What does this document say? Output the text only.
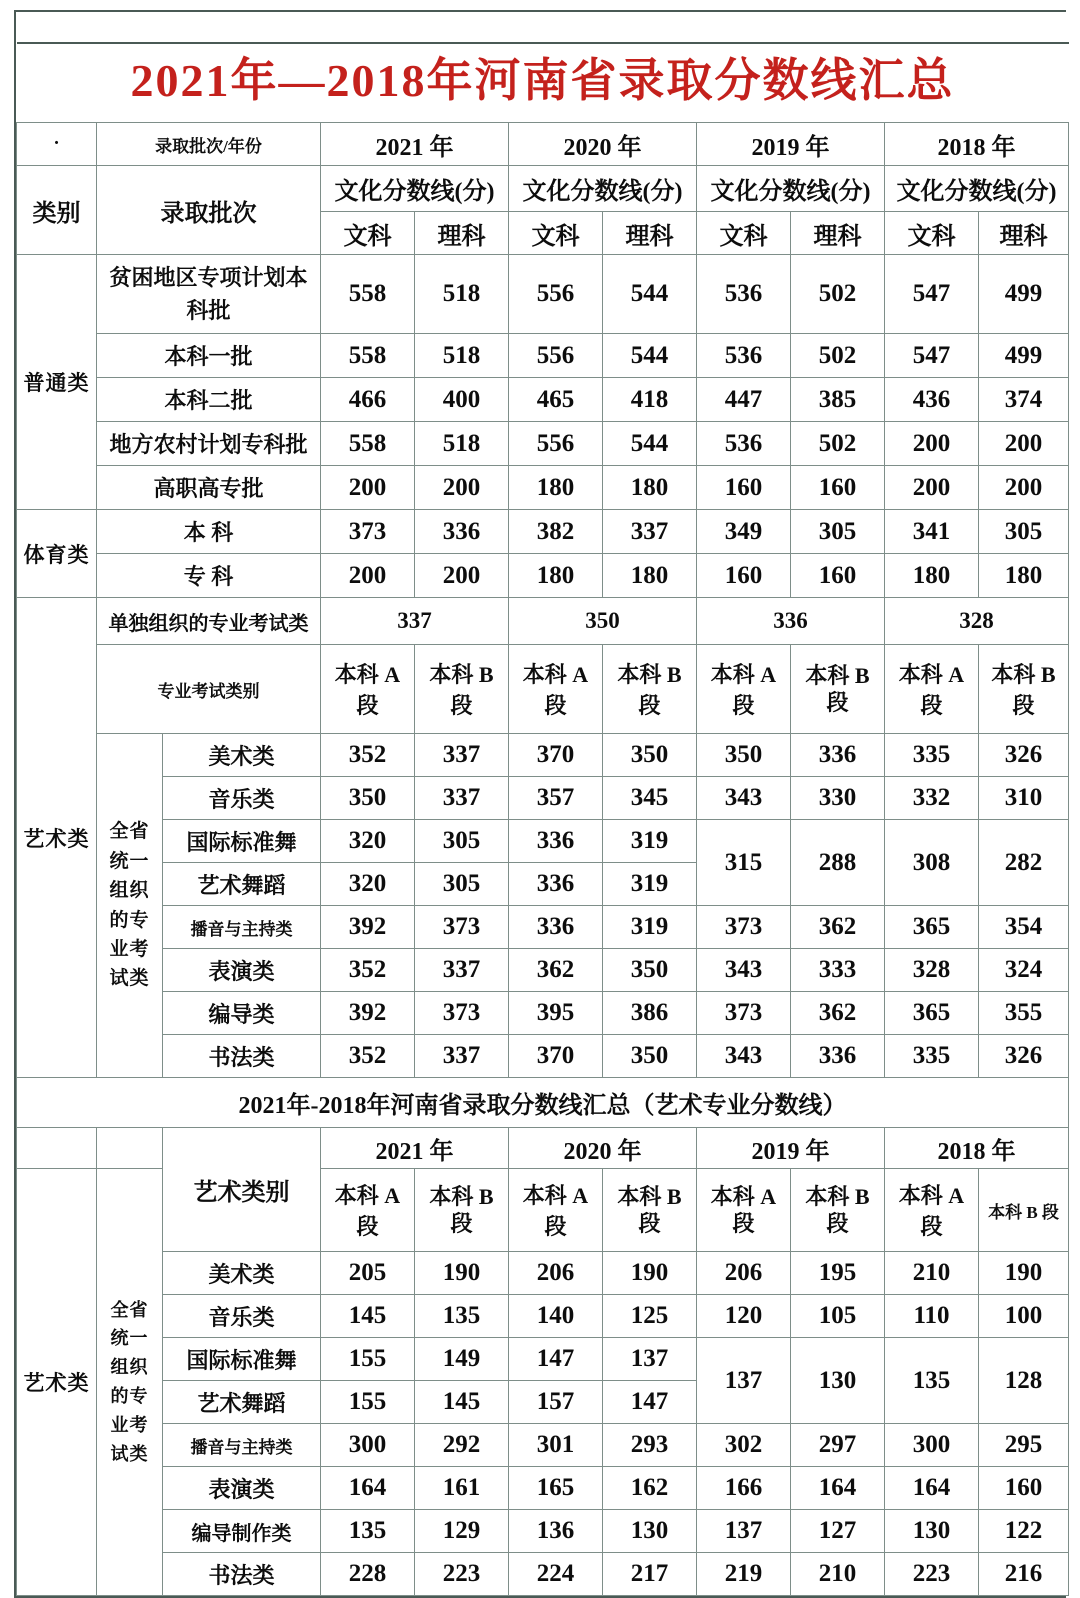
2021年—2018年河南省录取分数线汇总										
·	录取批次/年份		2021 年		2020 年		2019 年		2018 年	
类别	录取批次		文化分数线(分)		文化分数线(分)		文化分数线(分)		文化分数线(分)	
			文科	理科	文科	理科	文科	理科	文科	理科
普通类	贫困地区专项计划本科批		558	518	556	544	536	502	547	499
	本科一批		558	518	556	544	536	502	547	499
	本科二批		466	400	465	418	447	385	436	374
	地方农村计划专科批		558	518	556	544	536	502	200	200
	高职高专批		200	200	180	180	160	160	200	200
体育类	本 科		373	336	382	337	349	305	341	305
	专 科		200	200	180	180	160	160	180	180
艺术类	单独组织的专业考试类		337		350		336		328	
	专业考试类别		本科 A 段	本科 B 段	本科 A 段	本科 B 段	本科 A 段	本科 B 段	本科 A 段	本科 B 段
	全省统一组织的专业考试类	美术类	352	337	370	350	350	336	335	326
		音乐类	350	337	357	345	343	330	332	310
		国际标准舞	320	305	336	319	315	288	308	282
		艺术舞蹈	320	305	336	319				
		播音与主持类	392	373	336	319	373	362	365	354
		表演类	352	337	362	350	343	333	328	324
		编导类	392	373	395	386	373	362	365	355
		书法类	352	337	370	350	343	336	335	326
2021年-2018年河南省录取分数线汇总（艺术专业分数线）										
		艺术类别	2021 年		2020 年		2019 年		2018 年	
艺术类	全省统一组织的专业考试类		本科 A 段	本科 B 段	本科 A 段	本科 B 段	本科 A 段	本科 B 段	本科 A 段	本科 B 段
		美术类	205	190	206	190	206	195	210	190
		音乐类	145	135	140	125	120	105	110	100
		国际标准舞	155	149	147	137	137	130	135	128
		艺术舞蹈	155	145	157	147				
		播音与主持类	300	292	301	293	302	297	300	295
		表演类	164	161	165	162	166	164	164	160
		编导制作类	135	129	136	130	137	127	130	122
		书法类	228	223	224	217	219	210	223	216
